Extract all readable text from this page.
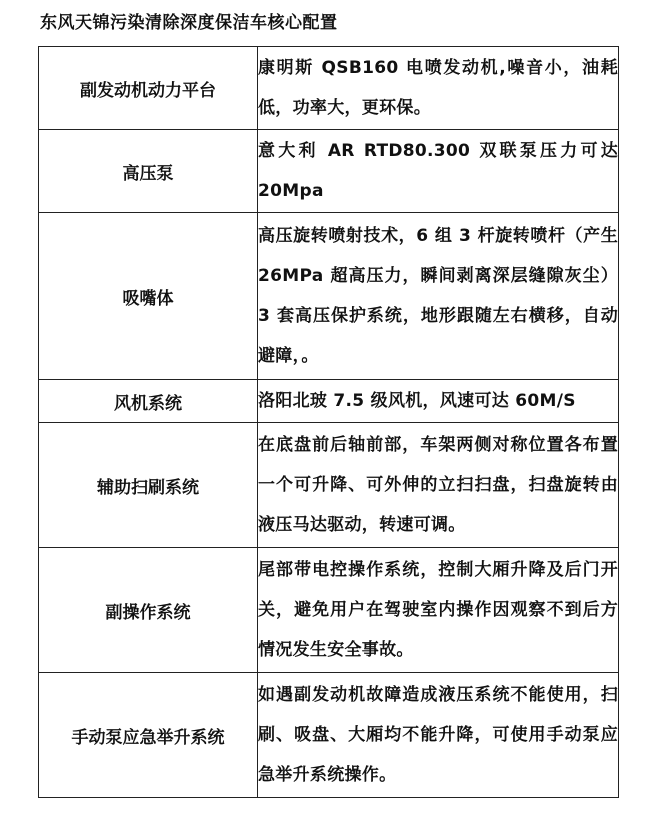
东风天锦污染清除深度保洁车核心配置
副发动机动力平台	康明斯 QSB160 电喷发动机,噪音小，油耗低，功率大，更环保。
高压泵	意大利 AR RTD80.300 双联泵压力可达 20Mpa
吸嘴体	高压旋转喷射技术，6 组 3 杆旋转喷杆（产生 26MPa 超高压力，瞬间剥离深层缝隙灰尘）3 套高压保护系统，地形跟随左右横移，自动避障，。
风机系统	洛阳北玻 7.5 级风机，风速可达 60M/S
辅助扫刷系统	在底盘前后轴前部，车架两侧对称位置各布置一个可升降、可外伸的立扫扫盘，扫盘旋转由液压马达驱动，转速可调。
副操作系统	尾部带电控操作系统，控制大厢升降及后门开关，避免用户在驾驶室内操作因观察不到后方情况发生安全事故。
手动泵应急举升系统	如遇副发动机故障造成液压系统不能使用，扫刷、吸盘、大厢均不能升降，可使用手动泵应急举升系统操作。
